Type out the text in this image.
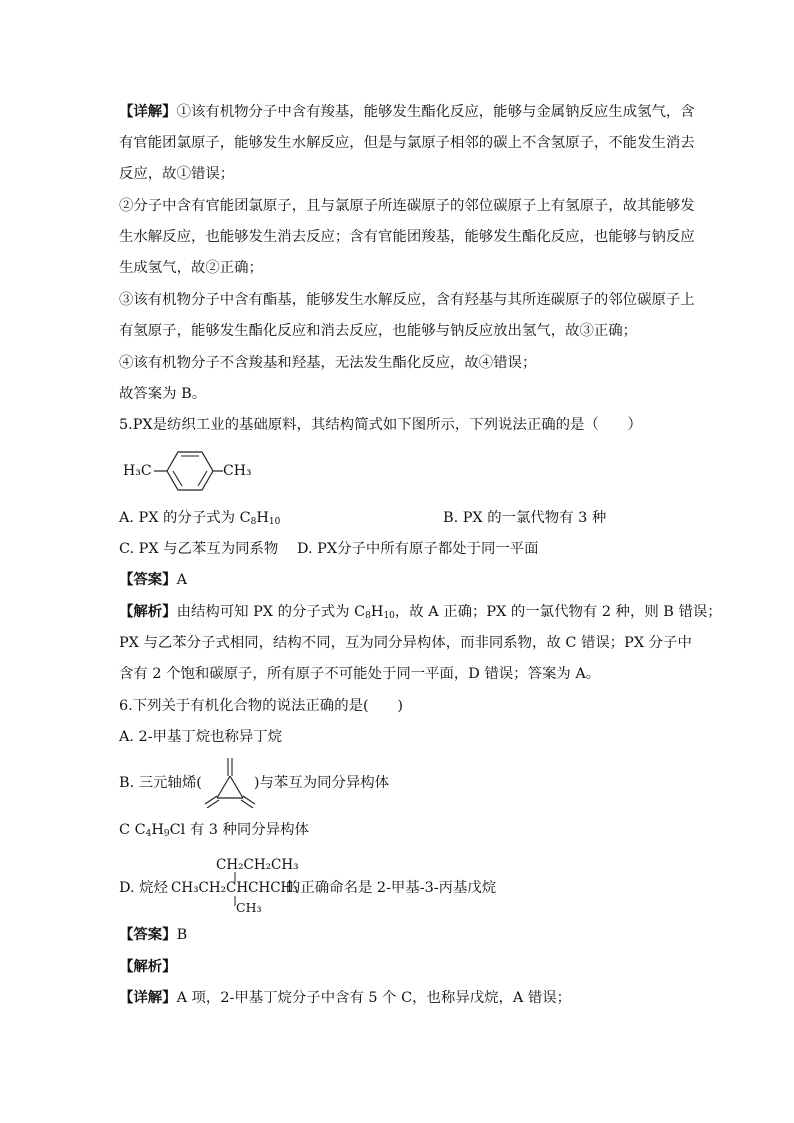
【详解】①该有机物分子中含有羧基，能够发生酯化反应，能够与金属钠反应生成氢气，含
有官能团氯原子，能够发生水解反应，但是与氯原子相邻的碳上不含氢原子，不能发生消去
反应，故①错误；
②分子中含有官能团氯原子，且与氯原子所连碳原子的邻位碳原子上有氢原子，故其能够发
生水解反应，也能够发生消去反应；含有官能团羧基，能够发生酯化反应，也能够与钠反应
生成氢气，故②正确；
③该有机物分子中含有酯基，能够发生水解反应，含有羟基与其所连碳原子的邻位碳原子上
有氢原子，能够发生酯化反应和消去反应，也能够与钠反应放出氢气，故③正确；
④该有机物分子不含羧基和羟基，无法发生酯化反应，故④错误；
故答案为 B。
5.PX是纺织工业的基础原料，其结构简式如下图所示，下列说法正确的是（　　）
H₃C	CH₃
A. PX 的分子式为 $C_8H_{10}$	B. PX 的一氯代物有 3 种
C. PX 与乙苯互为同系物 D. PX分子中所有原子都处于同一平面
【答案】A
【解析】由结构可知 PX 的分子式为 $C_8H_{10}$，故 A 正确；PX 的一氯代物有 2 种，则 B 错误；
PX 与乙苯分子式相同，结构不同，互为同分异构体，而非同系物，故 C 错误；PX 分子中
含有 2 个饱和碳原子，所有原子不可能处于同一平面，D 错误；答案为 A。
6.下列关于有机化合物的说法正确的是(　　)
A. 2-甲基丁烷也称异丁烷
B. 三元轴烯(	)与苯互为同分异构体
C $C_4H_9Cl$ 有 3 种同分异构体
D. 烷烃 CH₃CH₂CHCHCH₃
CH₂CH₂CH₃
CH₃
的正确命名是 2-甲基-3-丙基戊烷
【答案】B
【解析】
【详解】A 项，2-甲基丁烷分子中含有 5 个 C，也称异戊烷，A 错误；
